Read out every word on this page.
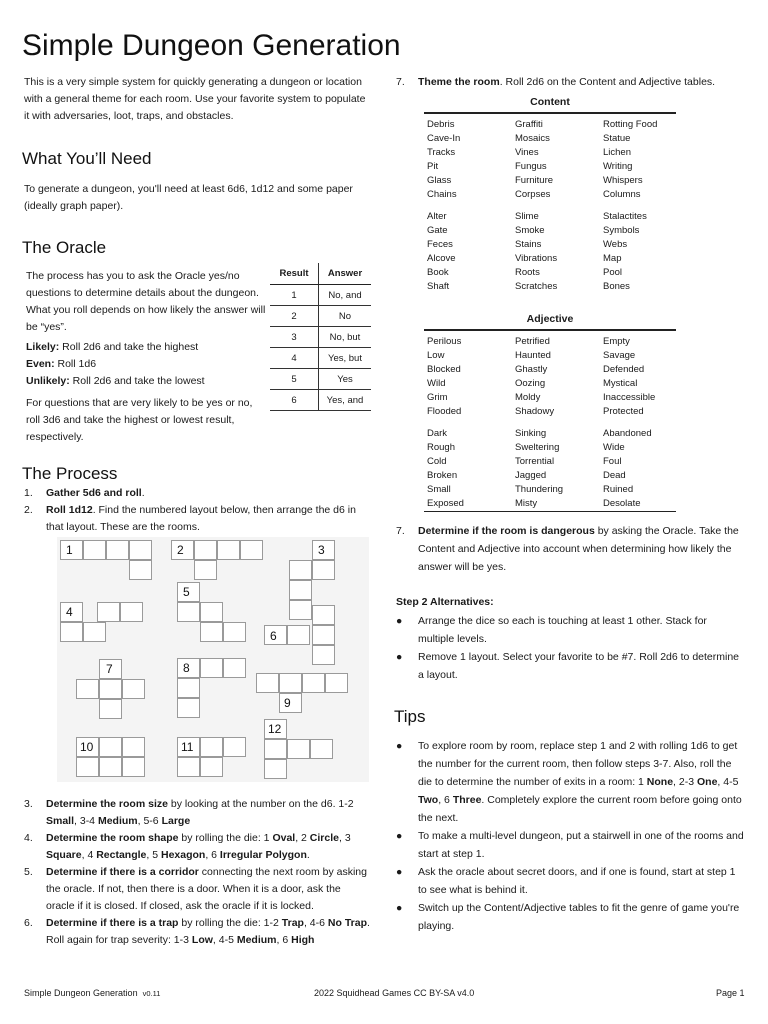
Simple Dungeon Generation

This is a very simple system for quickly generating a dungeon or location with a general theme for each room. Use your favorite system to populate it with adversaries, loot, traps, and obstacles.

What You’ll Need

To generate a dungeon, you'll need at least 6d6, 1d12 and some paper (ideally graph paper).

The Oracle

The process has you to ask the Oracle yes/no questions to determine details about the dungeon. What you roll depends on how likely the answer will be “yes”.

Likely: Roll 2d6 and take the highest
Even: Roll 1d6
Unlikely: Roll 2d6 and take the lowest

For questions that are very likely to be yes or no, roll 3d6 and take the highest or lowest result, respectively.

Result	Answer
1	No, and
2	No
3	No, but
4	Yes, but
5	Yes
6	Yes, and
The Process
1. Gather 5d6 and roll.
2. Roll 1d12. Find the numbered layout below, then arrange the d6 in that layout. These are the rooms.
1	2	3
4
5
6
7	8
9
10	11
12
3. Determine the room size by looking at the number on the d6. 1-2 Small, 3-4 Medium, 5-6 Large
4. Determine the room shape by rolling the die: 1 Oval, 2 Circle, 3 Square, 4 Rectangle, 5 Hexagon, 6 Irregular Polygon.
5. Determine if there is a corridor connecting the next room by asking the oracle. If not, then there is a door. When it is a door, ask the oracle if it is closed. If closed, ask the oracle if it is locked.
6. Determine if there is a trap by rolling the die: 1-2 Trap, 4-6 No Trap. Roll again for trap severity: 1-3 Low, 4-5 Medium, 6 High
7. Theme the room. Roll 2d6 on the Content and Adjective tables.
Content
Debris	Graffiti	Rotting Food
Cave-In	Mosaics	Statue
Tracks	Vines	Lichen
Pit	Fungus	Writing
Glass	Furniture	Whispers
Chains	Corpses	Columns
Alter	Slime	Stalactites
Gate	Smoke	Symbols
Feces	Stains	Webs
Alcove	Vibrations	Map
Book	Roots	Pool
Shaft	Scratches	Bones
Adjective
Perilous	Petrified	Empty
Low	Haunted	Savage
Blocked	Ghastly	Defended
Wild	Oozing	Mystical
Grim	Moldy	Inaccessible
Flooded	Shadowy	Protected
Dark	Sinking	Abandoned
Rough	Sweltering	Wide
Cold	Torrential	Foul
Broken	Jagged	Dead
Small	Thundering	Ruined
Exposed	Misty	Desolate
7. Determine if the room is dangerous by asking the Oracle. Take the Content and Adjective into account when determining how likely the answer will be yes.
Step 2 Alternatives:
● Arrange the dice so each is touching at least 1 other. Stack for multiple levels.
● Remove 1 layout. Select your favorite to be #7. Roll 2d6 to determine a layout.
Tips
● To explore room by room, replace step 1 and 2 with rolling 1d6 to get the number for the current room, then follow steps 3-7. Also, roll the die to determine the number of exits in a room: 1 None, 2-3 One, 4-5 Two, 6 Three. Completely explore the current room before going onto the next.
● To make a multi-level dungeon, put a stairwell in one of the rooms and start at step 1.
● Ask the oracle about secret doors, and if one is found, start at step 1 to see what is behind it.
● Switch up the Content/Adjective tables to fit the genre of game you're playing.
Simple Dungeon Generation v0.11	2022 Squidhead Games CC BY-SA v4.0	Page 1
